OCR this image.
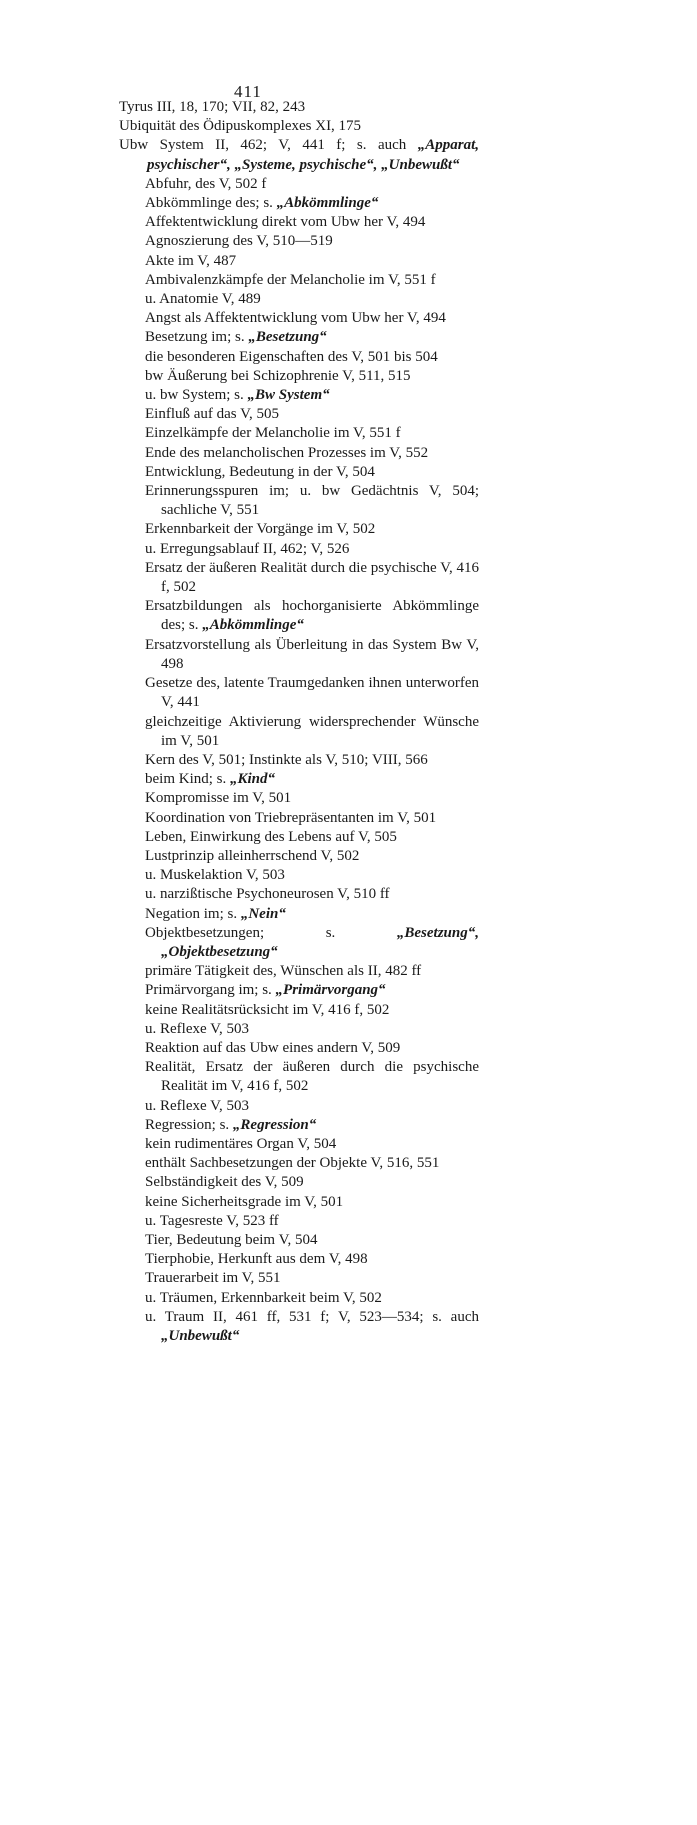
411

Tyrus III, 18, 170; VII, 82, 243

Ubiquität des Ödipuskomplexes XI, 175

Ubw System II, 462; V, 441 f; s. auch „Apparat, psychischer“, „Systeme, psychische“, „Unbewußt“

Abfuhr, des V, 502 f

Abkömmlinge des; s. „Abkömmlinge“

Affektentwicklung direkt vom Ubw her V, 494

Agnoszierung des V, 510—519

Akte im V, 487

Ambivalenzkämpfe der Melancholie im V, 551 f

u. Anatomie V, 489

Angst als Affektentwicklung vom Ubw her V, 494

Besetzung im; s. „Besetzung“

die besonderen Eigenschaften des V, 501 bis 504

bw Äußerung bei Schizophrenie V, 511, 515

u. bw System; s. „Bw System“

Einfluß auf das V, 505

Einzelkämpfe der Melancholie im V, 551 f

Ende des melancholischen Prozesses im V, 552

Entwicklung, Bedeutung in der V, 504

Erinnerungsspuren im; u. bw Gedächtnis V, 504; sachliche V, 551

Erkennbarkeit der Vorgänge im V, 502

u. Erregungsablauf II, 462; V, 526

Ersatz der äußeren Realität durch die psychische V, 416 f, 502

Ersatzbildungen als hochorganisierte Abkömmlinge des; s. „Abkömmlinge“

Ersatzvorstellung als Überleitung in das System Bw V, 498

Gesetze des, latente Traumgedanken ihnen unterworfen V, 441

gleichzeitige Aktivierung widersprechender Wünsche im V, 501

Kern des V, 501; Instinkte als V, 510; VIII, 566

beim Kind; s. „Kind“

Kompromisse im V, 501

Koordination von Triebrepräsentanten im V, 501

Leben, Einwirkung des Lebens auf V, 505

Lustprinzip alleinherrschend V, 502

u. Muskelaktion V, 503

u. narzißtische Psychoneurosen V, 510 ff

Negation im; s. „Nein“

Objektbesetzungen; s. „Besetzung“, „Objektbesetzung“

primäre Tätigkeit des, Wünschen als II, 482 ff

Primärvorgang im; s. „Primärvorgang“

keine Realitätsrücksicht im V, 416 f, 502

u. Reflexe V, 503

Reaktion auf das Ubw eines andern V, 509

Realität, Ersatz der äußeren durch die psychische Realität im V, 416 f, 502

u. Reflexe V, 503

Regression; s. „Regression“

kein rudimentäres Organ V, 504

enthält Sachbesetzungen der Objekte V, 516, 551

Selbständigkeit des V, 509

keine Sicherheitsgrade im V, 501

u. Tagesreste V, 523 ff

Tier, Bedeutung beim V, 504

Tierphobie, Herkunft aus dem V, 498

Trauerarbeit im V, 551

u. Träumen, Erkennbarkeit beim V, 502

u. Traum II, 461 ff, 531 f; V, 523—534; s. auch „Unbewußt“
